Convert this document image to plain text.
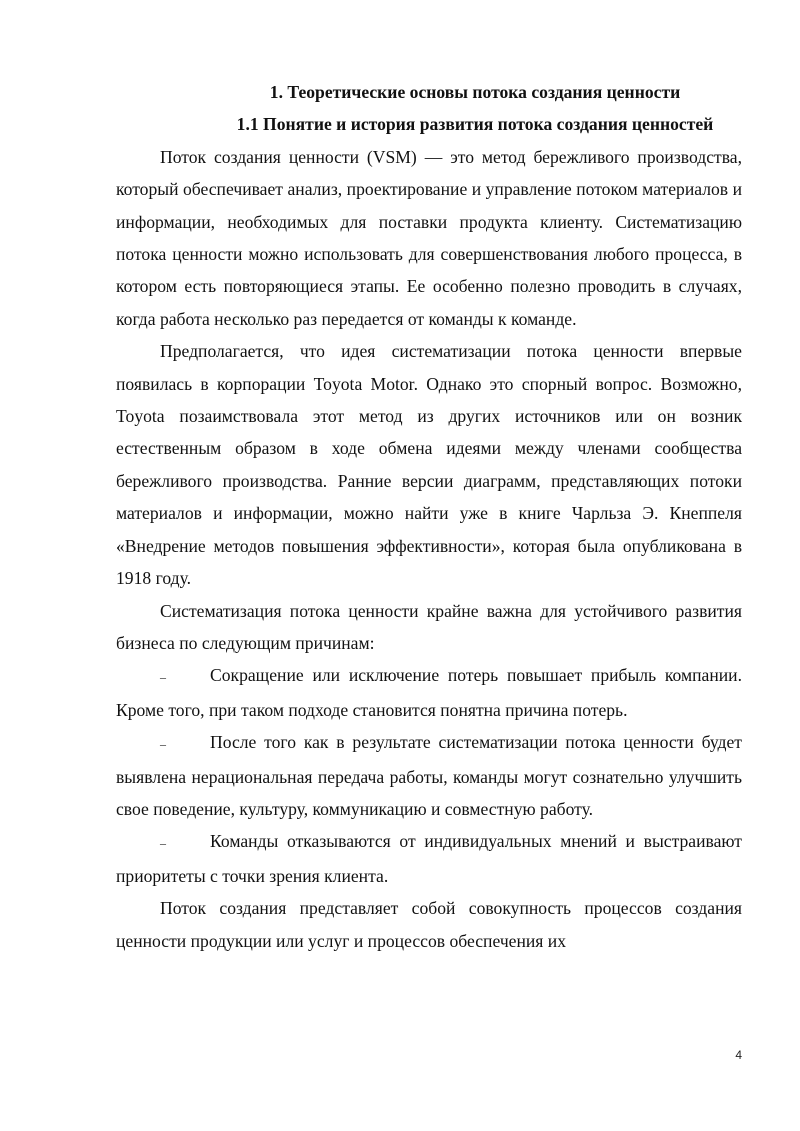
1. Теоретические основы потока создания ценности
1.1 Понятие и история развития потока создания ценностей

Поток создания ценности (VSM) — это метод бережливого производства, который обеспечивает анализ, проектирование и управление потоком материалов и информации, необходимых для поставки продукта клиенту. Систематизацию потока ценности можно использовать для совершенствования любого процесса, в котором есть повторяющиеся этапы. Ее особенно полезно проводить в случаях, когда работа несколько раз передается от команды к команде.

Предполагается, что идея систематизации потока ценности впервые появилась в корпорации Toyota Motor. Однако это спорный вопрос. Возможно, Toyota позаимствовала этот метод из других источников или он возник естественным образом в ходе обмена идеями между членами сообщества бережливого производства. Ранние версии диаграмм, представляющих потоки материалов и информации, можно найти уже в книге Чарльза Э. Кнеппеля «Внедрение методов повышения эффективности», которая была опубликована в 1918 году.

Систематизация потока ценности крайне важна для устойчивого развития бизнеса по следующим причинам:

–	Сокращение или исключение потерь повышает прибыль компании. Кроме того, при таком подходе становится понятна причина потерь.

–	После того как в результате систематизации потока ценности будет выявлена нерациональная передача работы, команды могут сознательно улучшить свое поведение, культуру, коммуникацию и совместную работу.

–	Команды отказываются от индивидуальных мнений и выстраивают приоритеты с точки зрения клиента.

Поток создания представляет собой совокупность процессов создания ценности продукции или услуг и процессов обеспечения их

4
